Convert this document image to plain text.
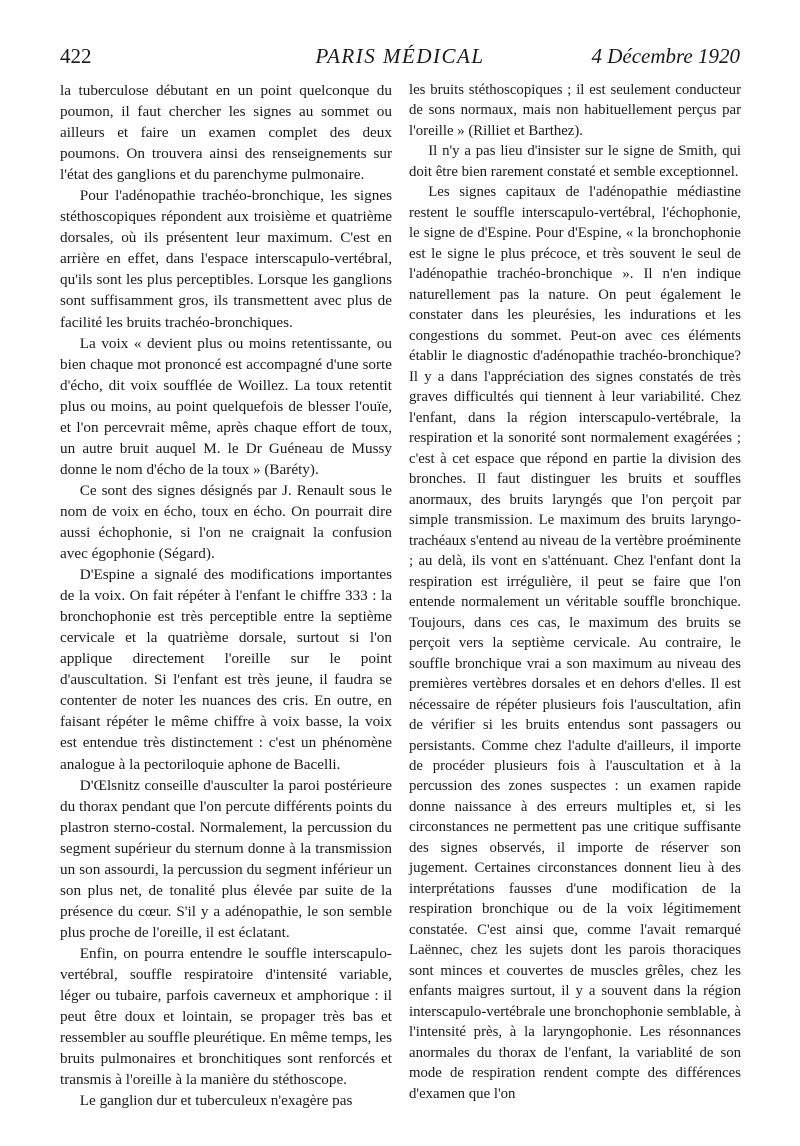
422	PARIS MÉDICAL	4 Décembre 1920

la tuberculose débutant en un point quelconque du poumon, il faut chercher les signes au sommet ou ailleurs et faire un examen complet des deux poumons. On trouvera ainsi des renseignements sur l'état des ganglions et du parenchyme pulmonaire.

Pour l'adénopathie trachéo-bronchique, les signes stéthoscopiques répondent aux troisième et quatrième dorsales, où ils présentent leur maximum. C'est en arrière en effet, dans l'espace interscapulo-vertébral, qu'ils sont les plus perceptibles. Lorsque les ganglions sont suffisamment gros, ils transmettent avec plus de facilité les bruits trachéo-bronchiques.

La voix « devient plus ou moins retentissante, ou bien chaque mot prononcé est accompagné d'une sorte d'écho, dit voix soufflée de Woillez. La toux retentit plus ou moins, au point quelquefois de blesser l'ouïe, et l'on percevrait même, après chaque effort de toux, un autre bruit auquel M. le Dr Guéneau de Mussy donne le nom d'écho de la toux » (Baréty).

Ce sont des signes désignés par J. Renault sous le nom de voix en écho, toux en écho. On pourrait dire aussi échophonie, si l'on ne craignait la confusion avec égophonie (Ségard).

D'Espine a signalé des modifications importantes de la voix. On fait répéter à l'enfant le chiffre 333 : la bronchophonie est très perceptible entre la septième cervicale et la quatrième dorsale, surtout si l'on applique directement l'oreille sur le point d'auscultation. Si l'enfant est très jeune, il faudra se contenter de noter les nuances des cris. En outre, en faisant répéter le même chiffre à voix basse, la voix est entendue très distinctement : c'est un phénomène analogue à la pectoriloquie aphone de Bacelli.

D'Œlsnitz conseille d'ausculter la paroi postérieure du thorax pendant que l'on percute différents points du plastron sterno-costal. Normalement, la percussion du segment supérieur du sternum donne à la transmission un son assourdi, la percussion du segment inférieur un son plus net, de tonalité plus élevée par suite de la présence du cœur. S'il y a adénopathie, le son semble plus proche de l'oreille, il est éclatant.

Enfin, on pourra entendre le souffle interscapulo-vertébral, souffle respiratoire d'intensité variable, léger ou tubaire, parfois caverneux et amphorique : il peut être doux et lointain, se propager très bas et ressembler au souffle pleurétique. En même temps, les bruits pulmonaires et bronchitiques sont renforcés et transmis à l'oreille à la manière du stéthoscope.

Le ganglion dur et tuberculeux n'exagère pas

les bruits stéthoscopiques ; il est seulement conducteur de sons normaux, mais non habituellement perçus par l'oreille » (Rilliet et Barthez).

Il n'y a pas lieu d'insister sur le signe de Smith, qui doit être bien rarement constaté et semble exceptionnel.

Les signes capitaux de l'adénopathie médiastine restent le souffle interscapulo-vertébral, l'échophonie, le signe de d'Espine. Pour d'Espine, « la bronchophonie est le signe le plus précoce, et très souvent le seul de l'adénopathie trachéo-bronchique ». Il n'en indique naturellement pas la nature. On peut également le constater dans les pleurésies, les indurations et les congestions du sommet. Peut-on avec ces éléments établir le diagnostic d'adénopathie trachéo-bronchique? Il y a dans l'appréciation des signes constatés de très graves difficultés qui tiennent à leur variabilité. Chez l'enfant, dans la région interscapulo-vertébrale, la respiration et la sonorité sont normalement exagérées ; c'est à cet espace que répond en partie la division des bronches. Il faut distinguer les bruits et souffles anormaux, des bruits laryngés que l'on perçoit par simple transmission. Le maximum des bruits laryngo-trachéaux s'entend au niveau de la vertèbre proéminente ; au delà, ils vont en s'atténuant. Chez l'enfant dont la respiration est irrégulière, il peut se faire que l'on entende normalement un véritable souffle bronchique. Toujours, dans ces cas, le maximum des bruits se perçoit vers la septième cervicale. Au contraire, le souffle bronchique vrai a son maximum au niveau des premières vertèbres dorsales et en dehors d'elles. Il est nécessaire de répéter plusieurs fois l'auscultation, afin de vérifier si les bruits entendus sont passagers ou persistants. Comme chez l'adulte d'ailleurs, il importe de procéder plusieurs fois à l'auscultation et à la percussion des zones suspectes : un examen rapide donne naissance à des erreurs multiples et, si les circonstances ne permettent pas une critique suffisante des signes observés, il importe de réserver son jugement. Certaines circonstances donnent lieu à des interprétations fausses d'une modification de la respiration bronchique ou de la voix légitimement constatée. C'est ainsi que, comme l'avait remarqué Laënnec, chez les sujets dont les parois thoraciques sont minces et couvertes de muscles grêles, chez les enfants maigres surtout, il y a souvent dans la région interscapulo-vertébrale une bronchophonie semblable, à l'intensité près, à la laryngophonie. Les résonnances anormales du thorax de l'enfant, la variablité de son mode de respiration rendent compte des différences d'examen que l'on
